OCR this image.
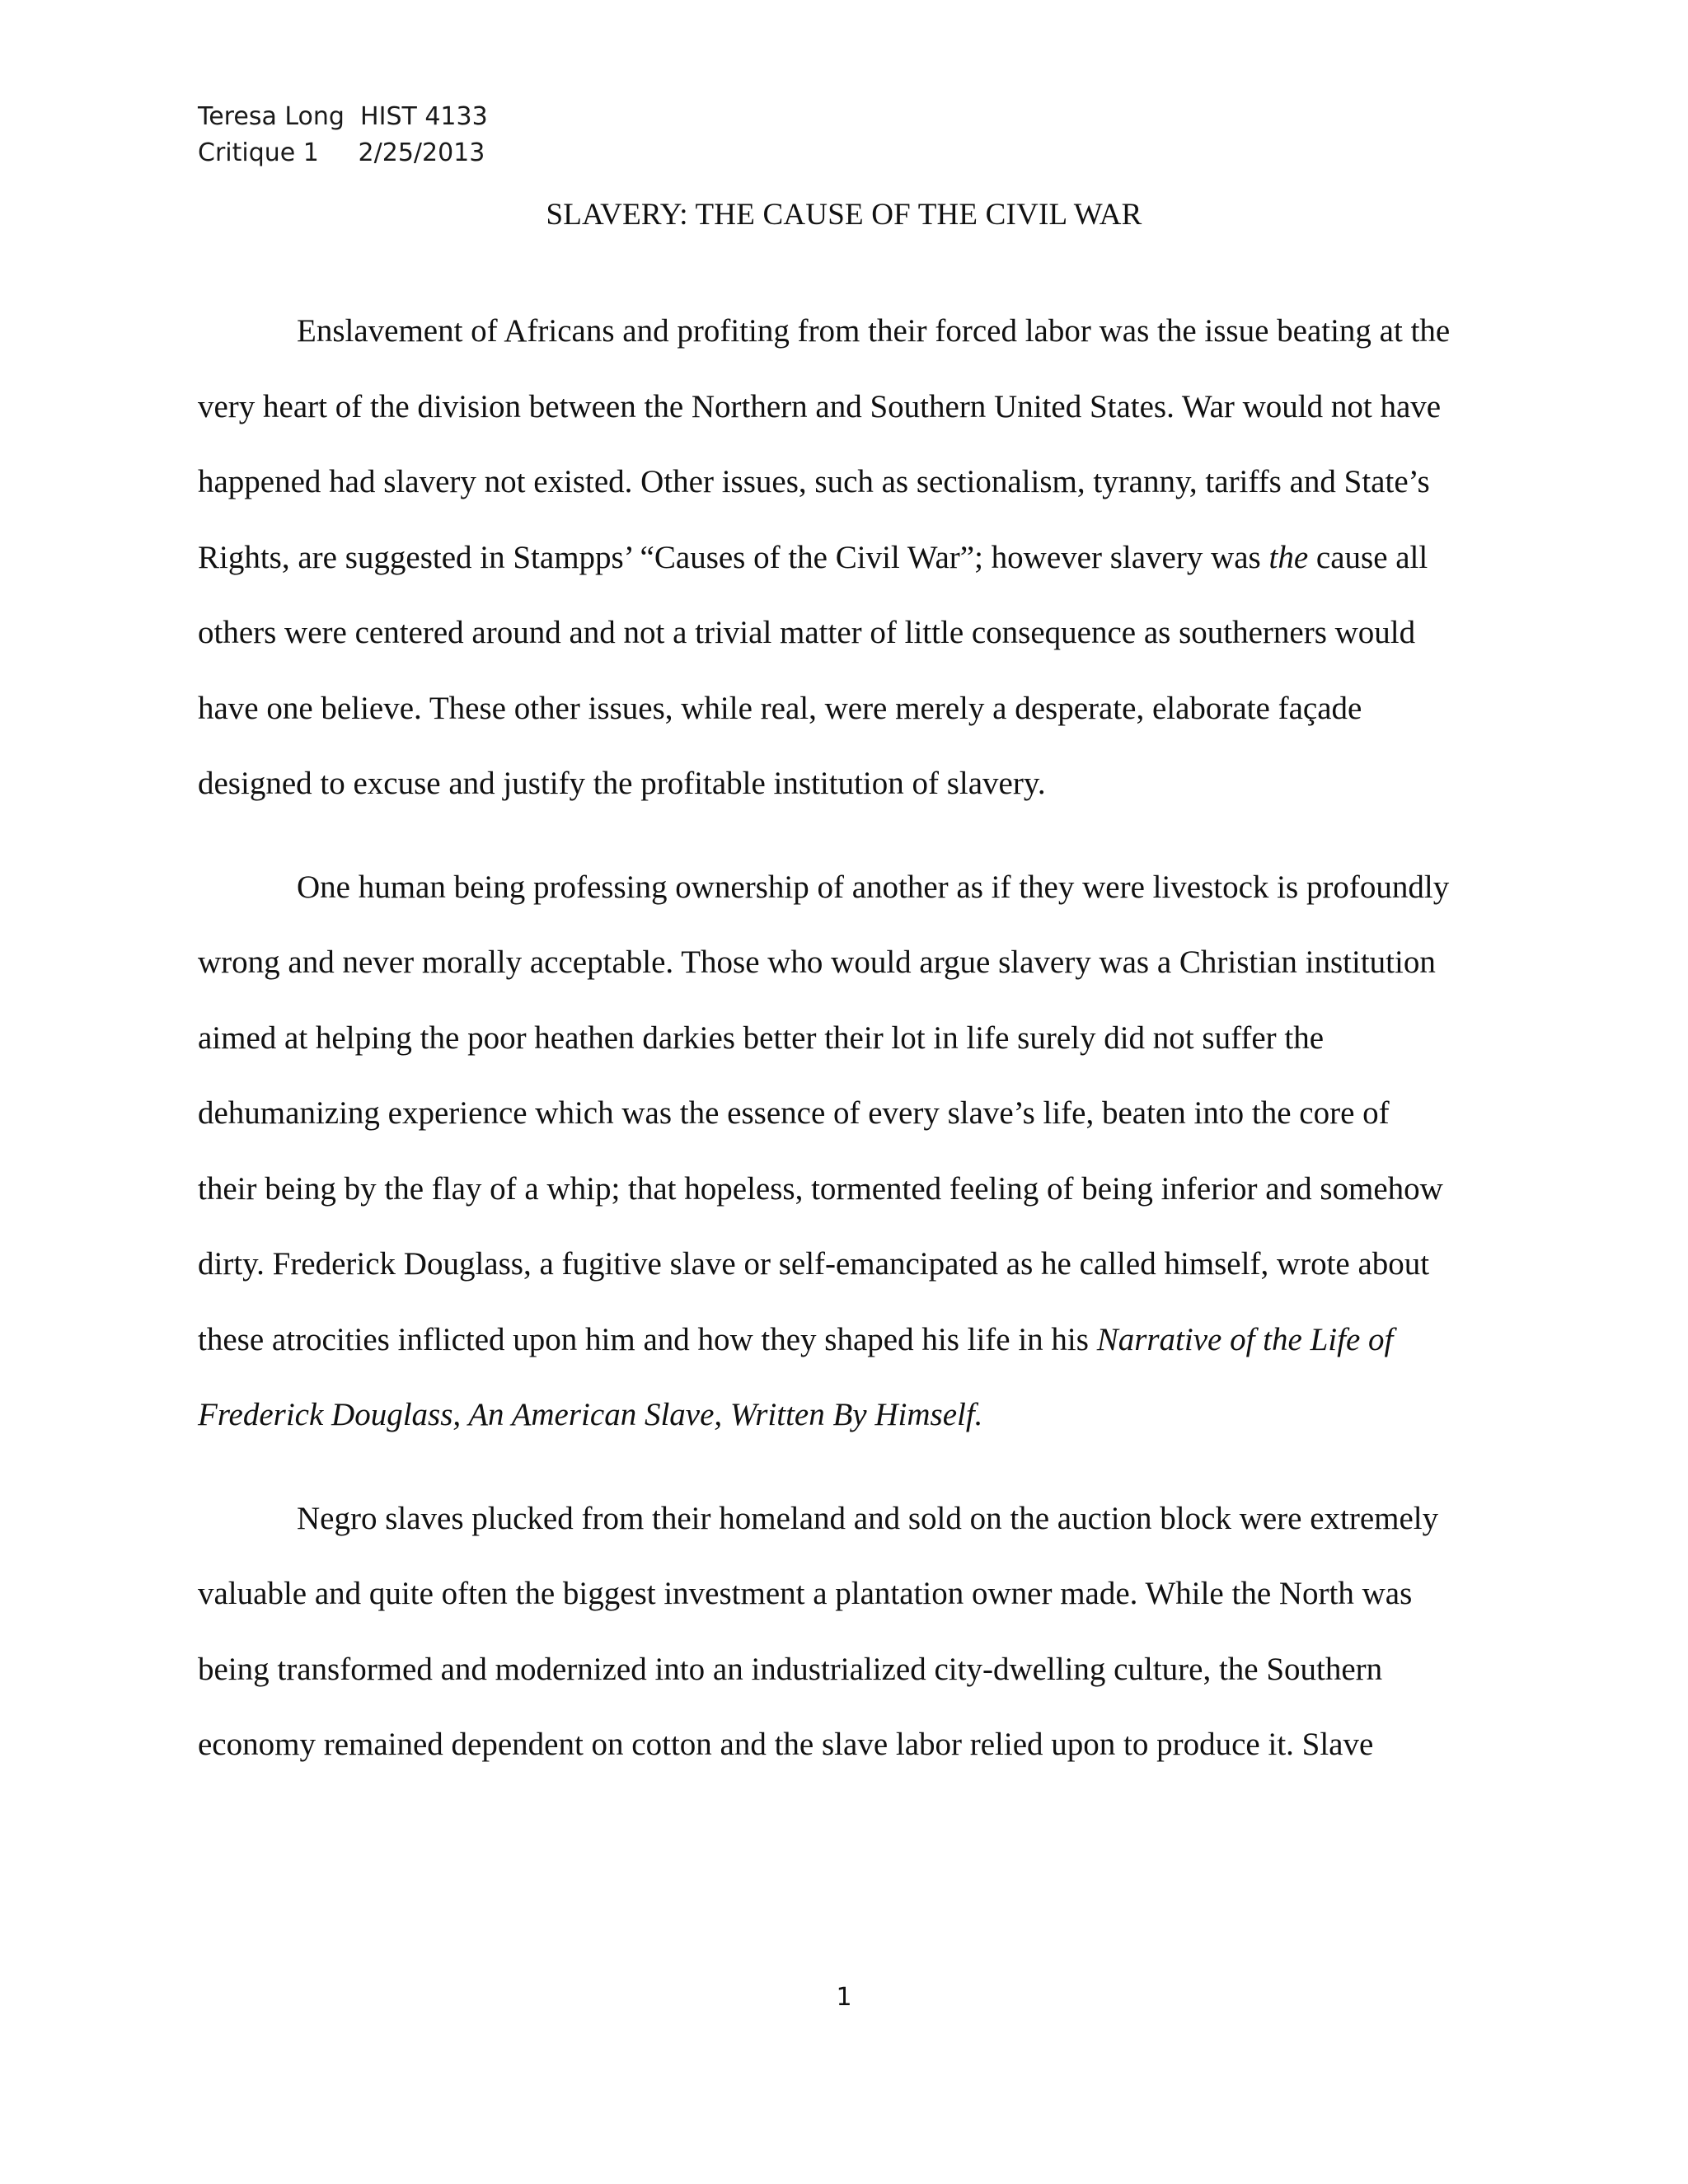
Teresa Long  HIST 4133
Critique 1     2/25/2013
SLAVERY: THE CAUSE OF THE CIVIL WAR
Enslavement of Africans and profiting from their forced labor was the issue beating at the
very heart of the division between the Northern and Southern United States. War would not have
happened had slavery not existed. Other issues, such as sectionalism, tyranny, tariffs and State’s
Rights, are suggested in Stampps’ “Causes of the Civil War”; however slavery was the cause all
others were centered around and not a trivial matter of little consequence as southerners would
have one believe. These other issues, while real, were merely a desperate, elaborate façade
designed to excuse and justify the profitable institution of slavery.
One human being professing ownership of another as if they were livestock is profoundly
wrong and never morally acceptable. Those who would argue slavery was a Christian institution
aimed at helping the poor heathen darkies better their lot in life surely did not suffer the
dehumanizing experience which was the essence of every slave’s life, beaten into the core of
their being by the flay of a whip; that hopeless, tormented feeling of being inferior and somehow
dirty. Frederick Douglass, a fugitive slave or self-emancipated as he called himself, wrote about
these atrocities inflicted upon him and how they shaped his life in his Narrative of the Life of
Frederick Douglass, An American Slave, Written By Himself.
Negro slaves plucked from their homeland and sold on the auction block were extremely
valuable and quite often the biggest investment a plantation owner made. While the North was
being transformed and modernized into an industrialized city-dwelling culture, the Southern
economy remained dependent on cotton and the slave labor relied upon to produce it. Slave
1
